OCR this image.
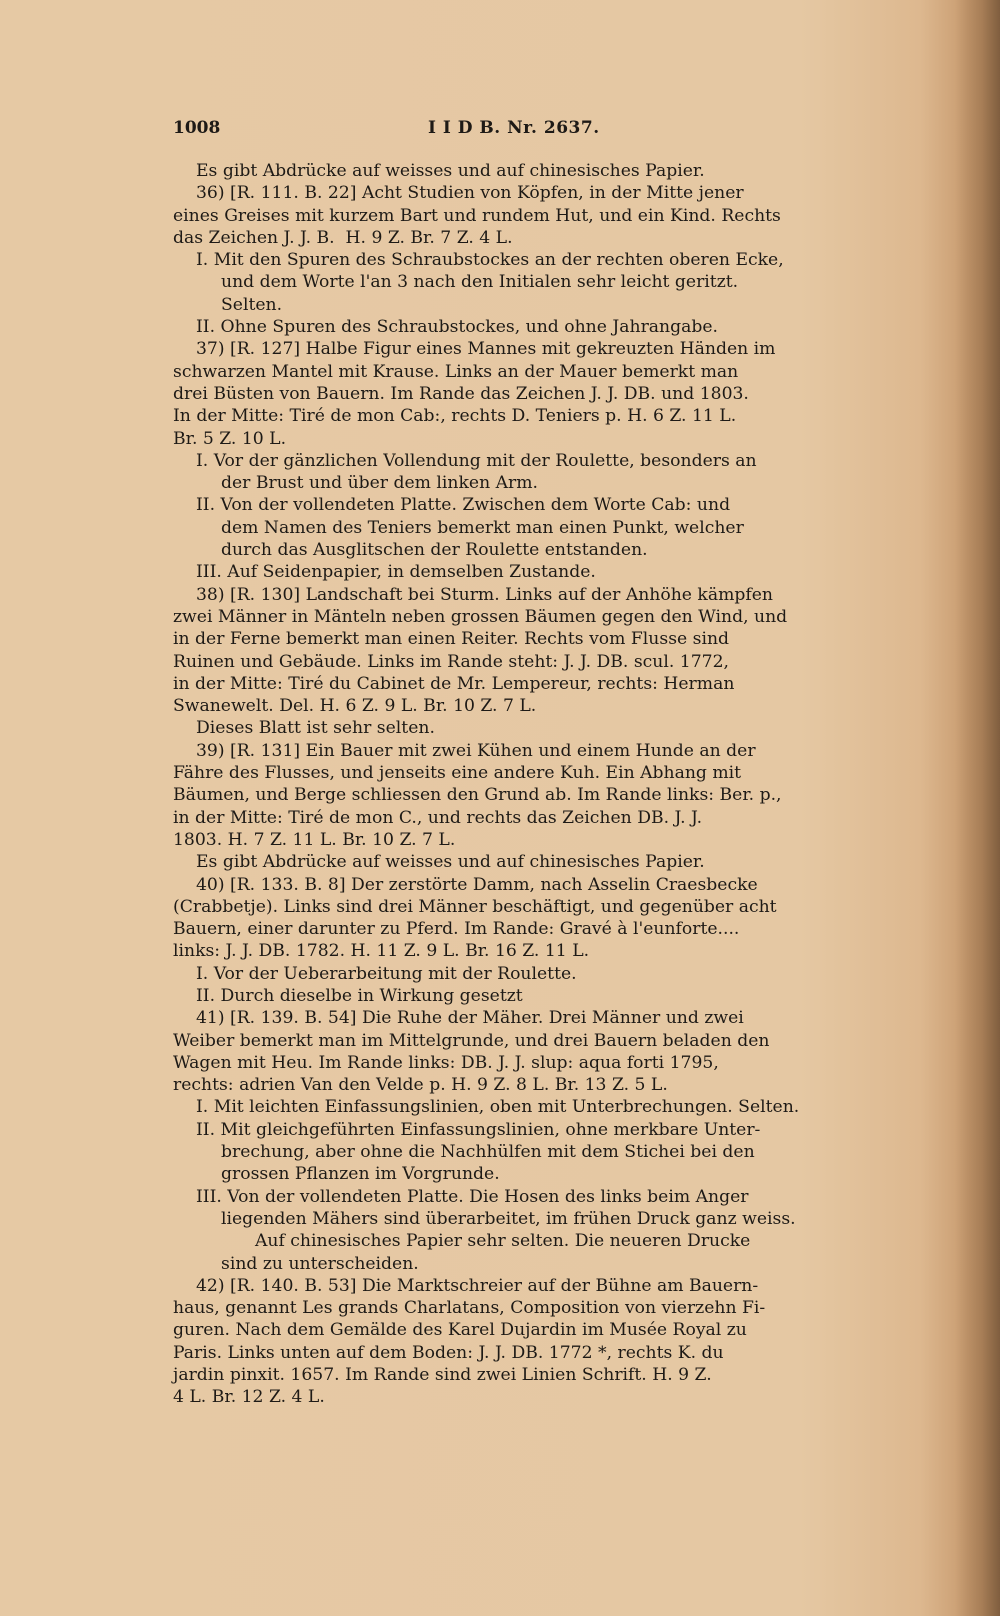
1008	I I D B. Nr. 2637.
Es gibt Abdrücke auf weisses und auf chinesisches Papier.
36) [R. 111. B. 22] Acht Studien von Köpfen, in der Mitte jener
eines Greises mit kurzem Bart und rundem Hut, und ein Kind. Rechts
das Zeichen J. J. B.  H. 9 Z. Br. 7 Z. 4 L.
I. Mit den Spuren des Schraubstockes an der rechten oberen Ecke,
und dem Worte l'an 3 nach den Initialen sehr leicht geritzt.
Selten.
II. Ohne Spuren des Schraubstockes, und ohne Jahrangabe.
37) [R. 127] Halbe Figur eines Mannes mit gekreuzten Händen im
schwarzen Mantel mit Krause. Links an der Mauer bemerkt man
drei Büsten von Bauern. Im Rande das Zeichen J. J. DB. und 1803.
In der Mitte: Tiré de mon Cab:, rechts D. Teniers p. H. 6 Z. 11 L.
Br. 5 Z. 10 L.
I. Vor der gänzlichen Vollendung mit der Roulette, besonders an
der Brust und über dem linken Arm.
II. Von der vollendeten Platte. Zwischen dem Worte Cab: und
dem Namen des Teniers bemerkt man einen Punkt, welcher
durch das Ausglitschen der Roulette entstanden.
III. Auf Seidenpapier, in demselben Zustande.
38) [R. 130] Landschaft bei Sturm. Links auf der Anhöhe kämpfen
zwei Männer in Mänteln neben grossen Bäumen gegen den Wind, und
in der Ferne bemerkt man einen Reiter. Rechts vom Flusse sind
Ruinen und Gebäude. Links im Rande steht: J. J. DB. scul. 1772,
in der Mitte: Tiré du Cabinet de Mr. Lempereur, rechts: Herman
Swanewelt. Del. H. 6 Z. 9 L. Br. 10 Z. 7 L.
Dieses Blatt ist sehr selten.
39) [R. 131] Ein Bauer mit zwei Kühen und einem Hunde an der
Fähre des Flusses, und jenseits eine andere Kuh. Ein Abhang mit
Bäumen, und Berge schliessen den Grund ab. Im Rande links: Ber. p.,
in der Mitte: Tiré de mon C., und rechts das Zeichen DB. J. J.
1803. H. 7 Z. 11 L. Br. 10 Z. 7 L.
Es gibt Abdrücke auf weisses und auf chinesisches Papier.
40) [R. 133. B. 8] Der zerstörte Damm, nach Asselin Craesbecke
(Crabbetje). Links sind drei Männer beschäftigt, und gegenüber acht
Bauern, einer darunter zu Pferd. Im Rande: Gravé à l'eunforte....
links: J. J. DB. 1782. H. 11 Z. 9 L. Br. 16 Z. 11 L.
I. Vor der Ueberarbeitung mit der Roulette.
II. Durch dieselbe in Wirkung gesetzt
41) [R. 139. B. 54] Die Ruhe der Mäher. Drei Männer und zwei
Weiber bemerkt man im Mittelgrunde, und drei Bauern beladen den
Wagen mit Heu. Im Rande links: DB. J. J. slup: aqua forti 1795,
rechts: adrien Van den Velde p. H. 9 Z. 8 L. Br. 13 Z. 5 L.
I. Mit leichten Einfassungslinien, oben mit Unterbrechungen. Selten.
II. Mit gleichgeführten Einfassungslinien, ohne merkbare Unter-
brechung, aber ohne die Nachhülfen mit dem Stichei bei den
grossen Pflanzen im Vorgrunde.
III. Von der vollendeten Platte. Die Hosen des links beim Anger
liegenden Mähers sind überarbeitet, im frühen Druck ganz weiss.
Auf chinesisches Papier sehr selten. Die neueren Drucke
sind zu unterscheiden.
42) [R. 140. B. 53] Die Marktschreier auf der Bühne am Bauern-
haus, genannt Les grands Charlatans, Composition von vierzehn Fi-
guren. Nach dem Gemälde des Karel Dujardin im Musée Royal zu
Paris. Links unten auf dem Boden: J. J. DB. 1772 *, rechts K. du
jardin pinxit. 1657. Im Rande sind zwei Linien Schrift. H. 9 Z.
4 L. Br. 12 Z. 4 L.
